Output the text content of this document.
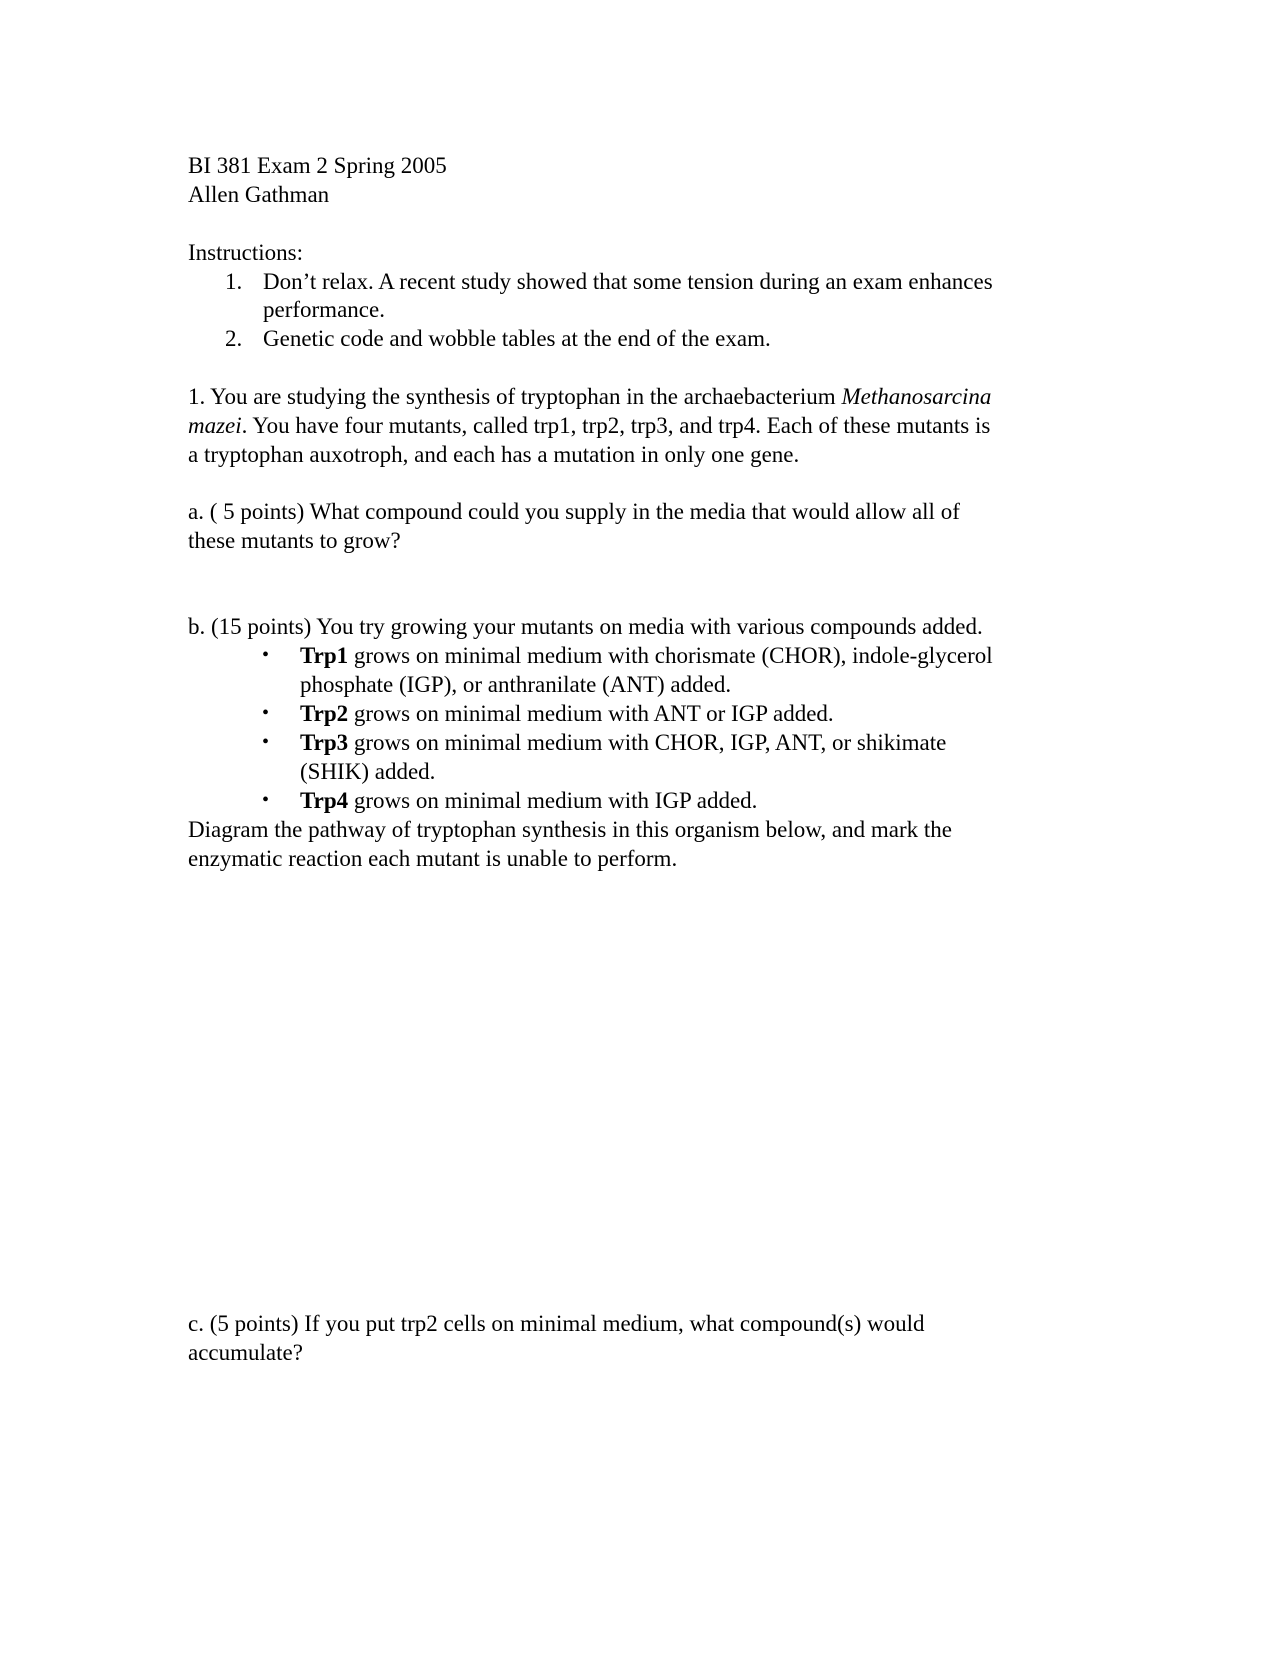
BI 381 Exam 2 Spring 2005
Allen Gathman
Instructions:
1. Don’t relax. A recent study showed that some tension during an exam enhances
performance.
2. Genetic code and wobble tables at the end of the exam.
1. You are studying the synthesis of tryptophan in the archaebacterium Methanosarcina
mazei. You have four mutants, called trp1, trp2, trp3, and trp4. Each of these mutants is
a tryptophan auxotroph, and each has a mutation in only one gene.
a. ( 5 points) What compound could you supply in the media that would allow all of
these mutants to grow?
b. (15 points) You try growing your mutants on media with various compounds added.
• Trp1 grows on minimal medium with chorismate (CHOR), indole-glycerol
phosphate (IGP), or anthranilate (ANT) added.
• Trp2 grows on minimal medium with ANT or IGP added.
• Trp3 grows on minimal medium with CHOR, IGP, ANT, or shikimate
(SHIK) added.
• Trp4 grows on minimal medium with IGP added.
Diagram the pathway of tryptophan synthesis in this organism below, and mark the
enzymatic reaction each mutant is unable to perform.
c. (5 points) If you put trp2 cells on minimal medium, what compound(s) would
accumulate?
